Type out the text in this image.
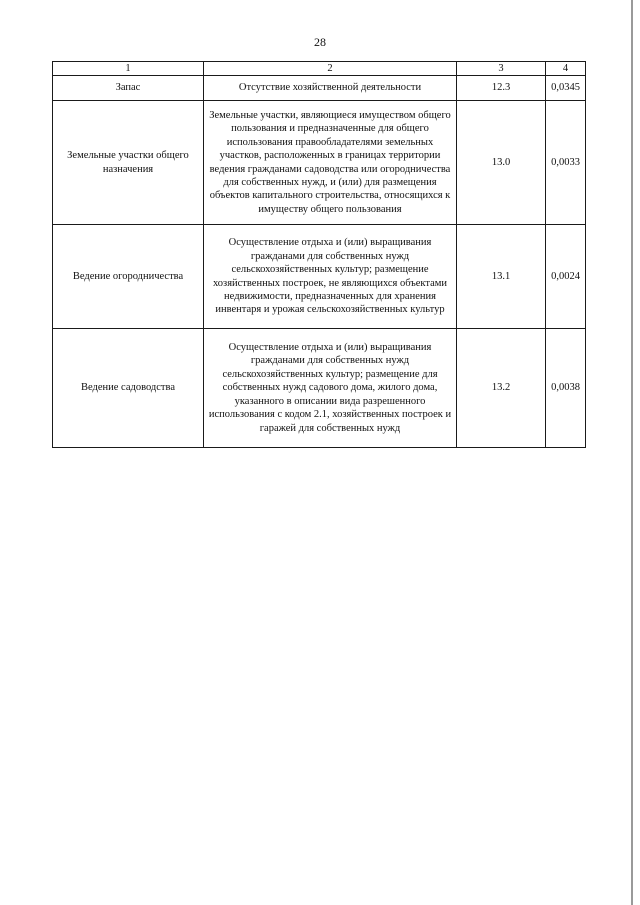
28
1	2	3	4
Запас	Отсутствие хозяйственной деятельности	12.3	0,0345
Земельные участки общего назначения	Земельные участки, являющиеся имуществом общего пользования и предназначенные для общего использования правообладателями земельных участков, расположенных в границах территории ведения гражданами садоводства или огородничества для собственных нужд, и (или) для размещения объектов капитального строительства, относящихся к имуществу общего пользования	13.0	0,0033
Ведение огородничества	Осуществление отдыха и (или) выращивания гражданами для собственных нужд сельскохозяйственных культур; размещение хозяйственных построек, не являющихся объектами недвижимости, предназначенных для хранения инвентаря и урожая сельскохозяйственных культур	13.1	0,0024
Ведение садоводства	Осуществление отдыха и (или) выращивания гражданами для собственных нужд сельскохозяйственных культур; размещение для собственных нужд садового дома, жилого дома, указанного в описании вида разрешенного использования с кодом 2.1, хозяйственных построек и гаражей для собственных нужд	13.2	0,0038
